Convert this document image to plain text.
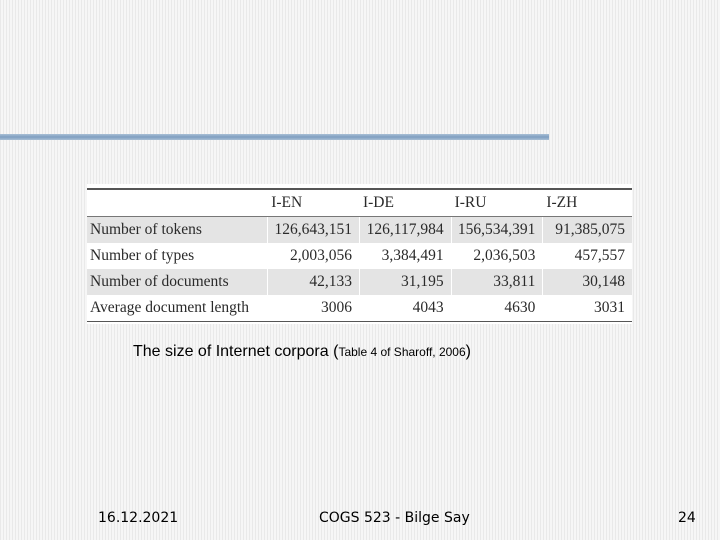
	I-EN	I-DE	I-RU	I-ZH
Number of tokens	126,643,151	126,117,984	156,534,391	91,385,075
Number of types	2,003,056	3,384,491	2,036,503	457,557
Number of documents	42,133	31,195	33,811	30,148
Average document length	3006	4043	4630	3031
The size of Internet corpora (Table 4 of Sharoff, 2006)
16.12.2021	COGS 523 - Bilge Say	24
